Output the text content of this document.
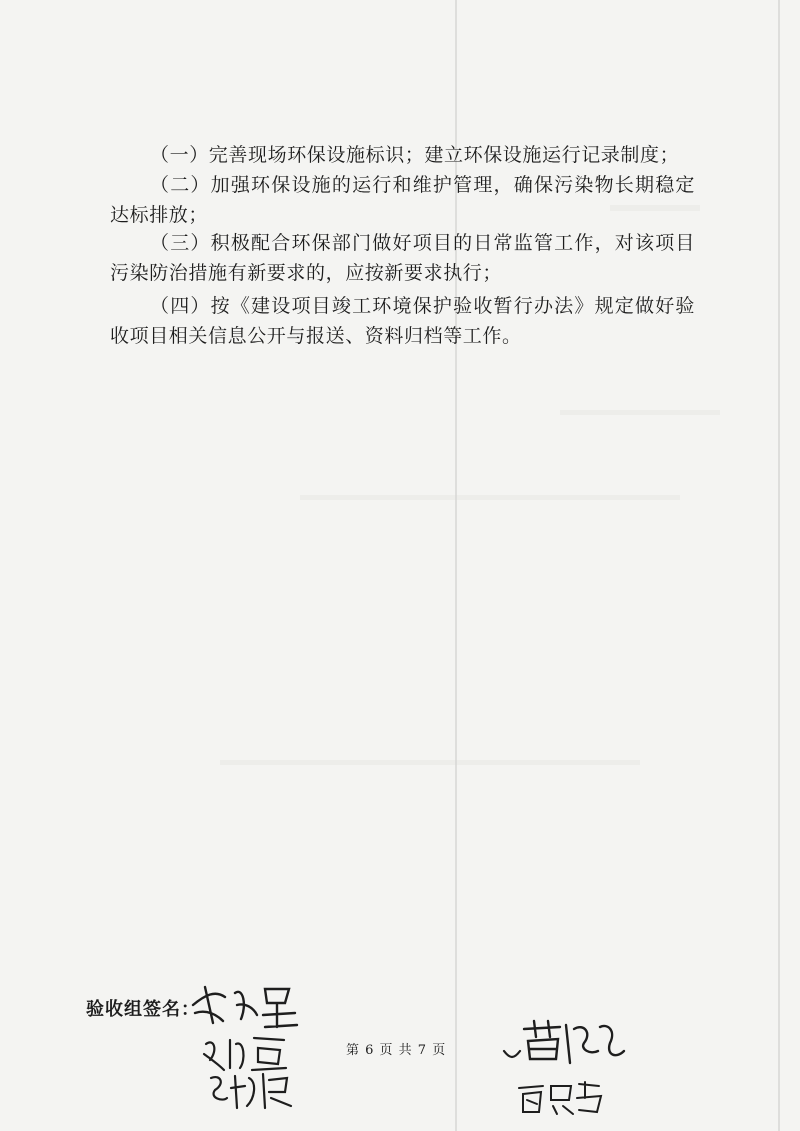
（一）完善现场环保设施标识；建立环保设施运行记录制度；
（二）加强环保设施的运行和维护管理，确保污染物长期稳定达标排放；
（三）积极配合环保部门做好项目的日常监管工作，对该项目污染防治措施有新要求的，应按新要求执行；
（四）按《建设项目竣工环境保护验收暂行办法》规定做好验收项目相关信息公开与报送、资料归档等工作。
验收组签名：
第 6 页 共 7 页
